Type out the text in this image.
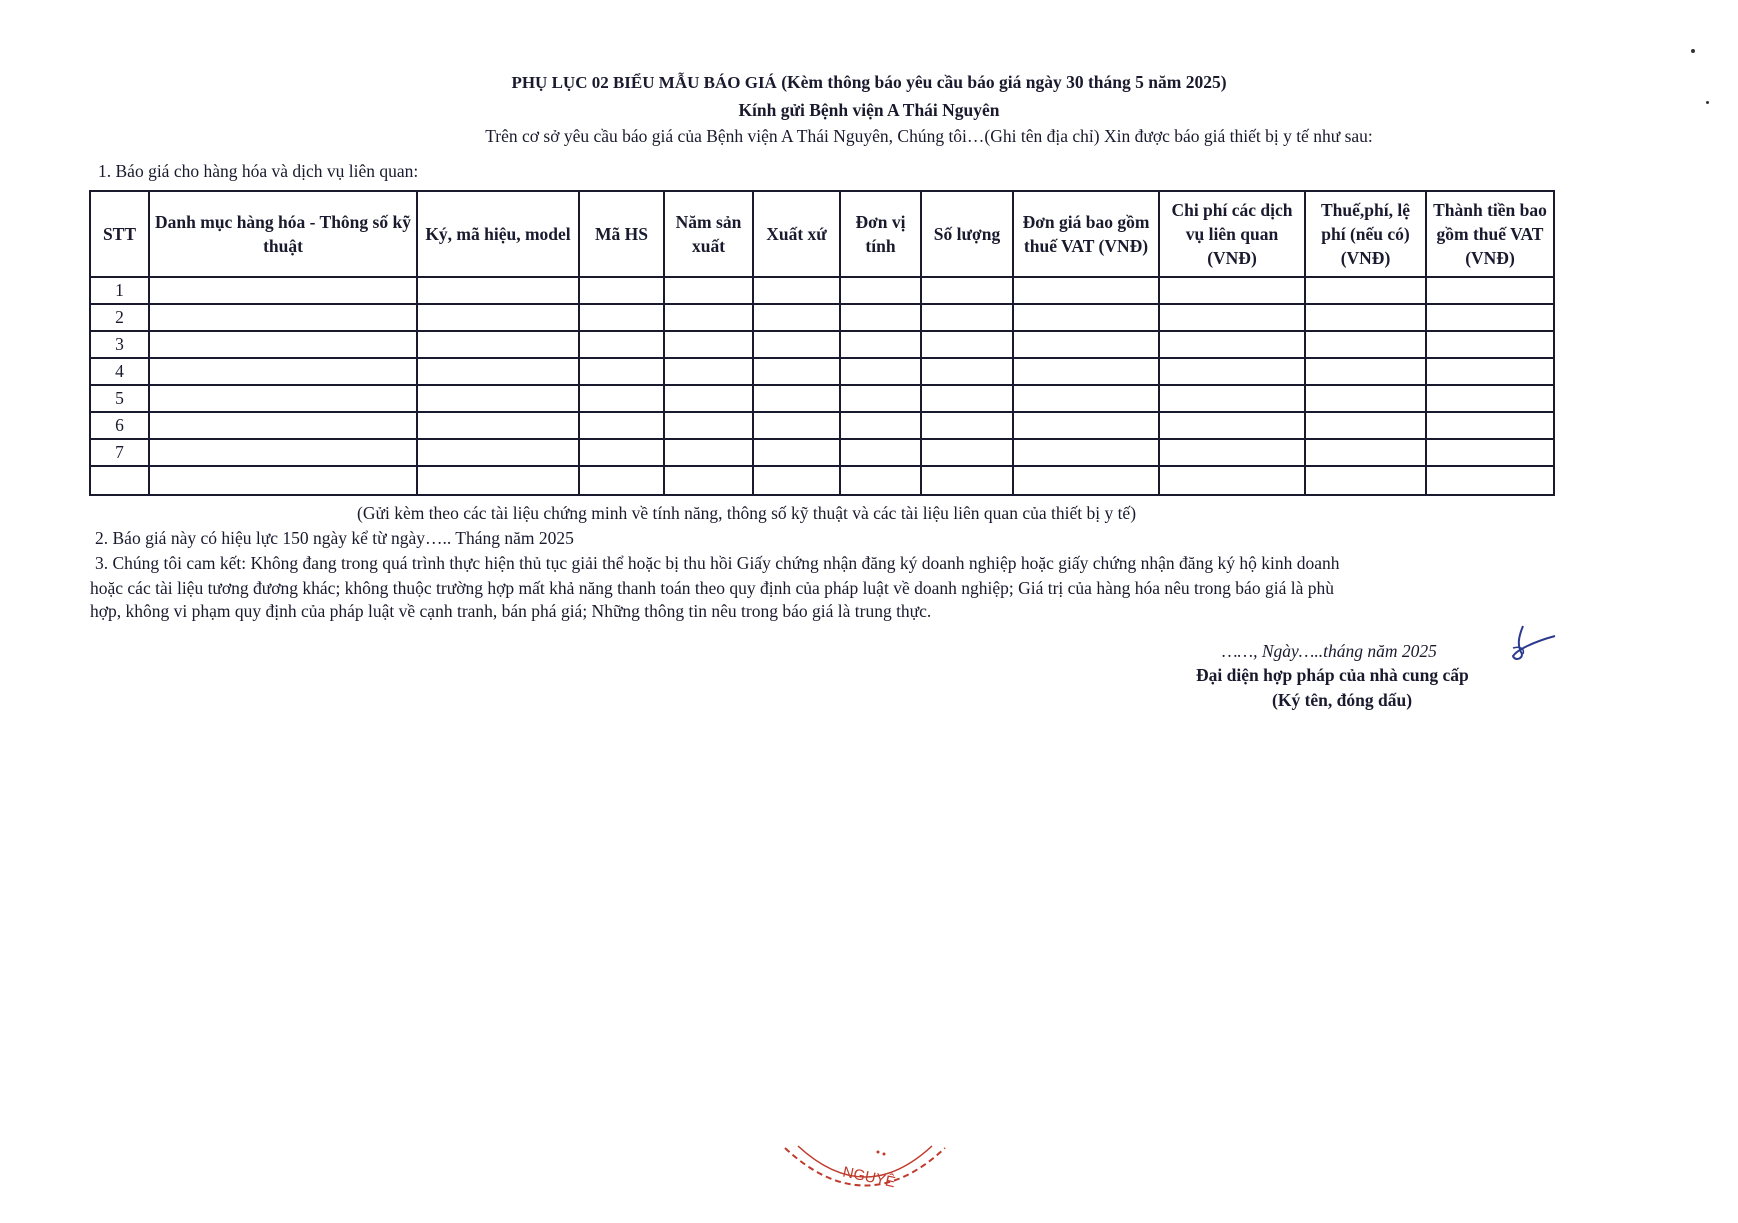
PHỤ LỤC 02 BIỂU MẪU BÁO GIÁ (Kèm thông báo yêu cầu báo giá ngày 30 tháng 5 năm 2025)
Kính gửi Bệnh viện A Thái Nguyên
Trên cơ sở yêu cầu báo giá của Bệnh viện A Thái Nguyên, Chúng tôi…(Ghi tên địa chỉ) Xin được báo giá thiết bị y tế như sau:
1. Báo giá cho hàng hóa và dịch vụ liên quan:
STT	Danh mục hàng hóa - Thông số kỹ thuật	Ký, mã hiệu, model	Mã HS	Năm sản xuất	Xuất xứ	Đơn vị tính	Số lượng	Đơn giá bao gồm thuế VAT (VNĐ)	Chi phí các dịch vụ liên quan (VNĐ)	Thuế,phí, lệ phí (nếu có)(VNĐ)	Thành tiền bao gồm thuế VAT (VNĐ)
1											
2											
3											
4											
5											
6											
7											

(Gửi kèm theo các tài liệu chứng minh về tính năng, thông số kỹ thuật và các tài liệu liên quan của thiết bị y tế)
2. Báo giá này có hiệu lực 150 ngày kể từ ngày….. Tháng năm 2025
3. Chúng tôi cam kết: Không đang trong quá trình thực hiện thủ tục giải thể hoặc bị thu hồi Giấy chứng nhận đăng ký doanh nghiệp hoặc giấy chứng nhận đăng ký hộ kinh doanh
hoặc các tài liệu tương đương khác; không thuộc trường hợp mất khả năng thanh toán theo quy định của pháp luật về doanh nghiệp; Giá trị của hàng hóa nêu trong báo giá là phù
hợp, không vi phạm quy định của pháp luật về cạnh tranh, bán phá giá; Những thông tin nêu trong báo giá là trung thực.
……, Ngày…..tháng năm 2025
Đại diện hợp pháp của nhà cung cấp
(Ký tên, đóng dấu)
NGUYÊ
